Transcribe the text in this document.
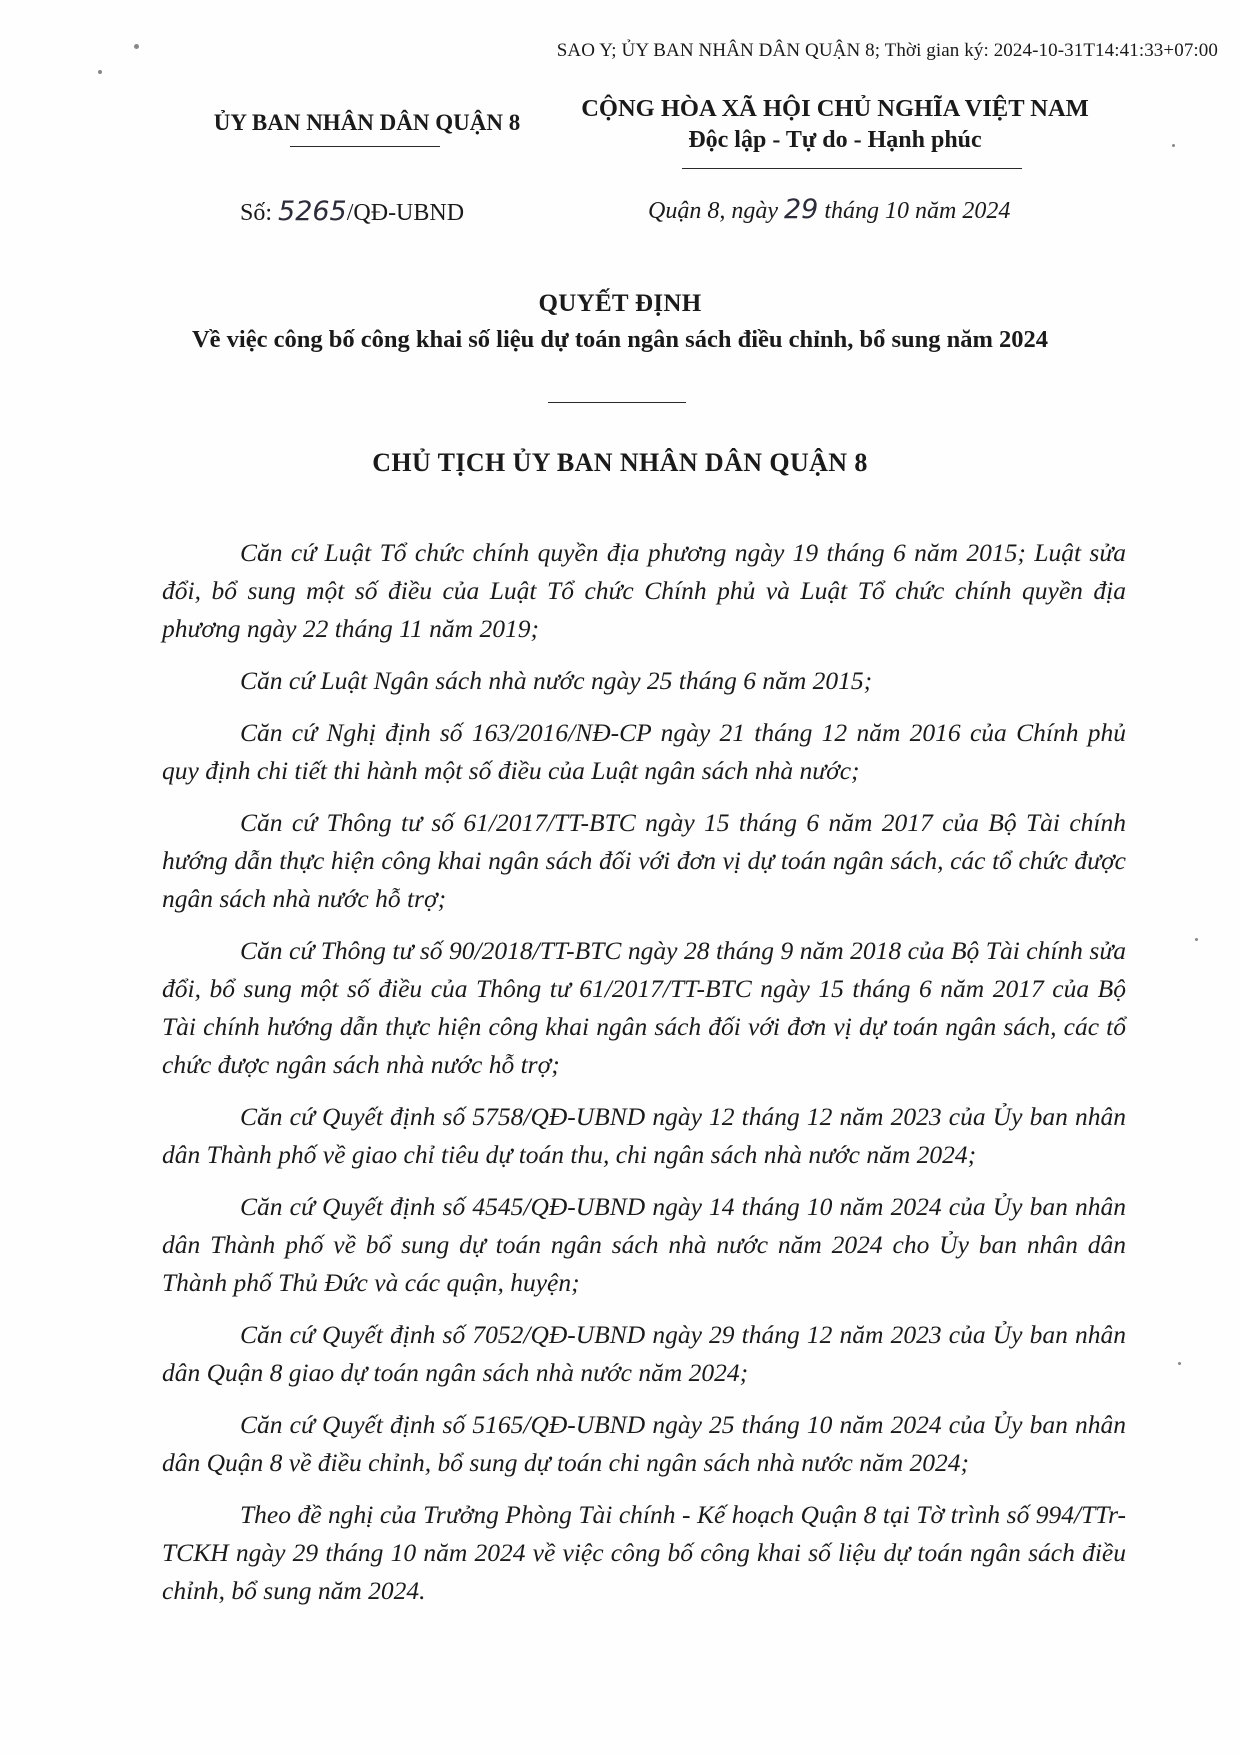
SAO Y; ỦY BAN NHÂN DÂN QUẬN 8; Thời gian ký: 2024-10-31T14:41:33+07:00
ỦY BAN NHÂN DÂN QUẬN 8
CỘNG HÒA XÃ HỘI CHỦ NGHĨA VIỆT NAM
Độc lập - Tự do - Hạnh phúc
Số: 5265/QĐ-UBND	Quận 8, ngày 29 tháng 10 năm 2024
QUYẾT ĐỊNH
Về việc công bố công khai số liệu dự toán ngân sách điều chỉnh, bổ sung năm 2024
CHỦ TỊCH ỦY BAN NHÂN DÂN QUẬN 8

Căn cứ Luật Tổ chức chính quyền địa phương ngày 19 tháng 6 năm 2015; Luật sửa đổi, bổ sung một số điều của Luật Tổ chức Chính phủ và Luật Tổ chức chính quyền địa phương ngày 22 tháng 11 năm 2019;

Căn cứ Luật Ngân sách nhà nước ngày 25 tháng 6 năm 2015;

Căn cứ Nghị định số 163/2016/NĐ-CP ngày 21 tháng 12 năm 2016 của Chính phủ quy định chi tiết thi hành một số điều của Luật ngân sách nhà nước;

Căn cứ Thông tư số 61/2017/TT-BTC ngày 15 tháng 6 năm 2017 của Bộ Tài chính hướng dẫn thực hiện công khai ngân sách đối với đơn vị dự toán ngân sách, các tổ chức được ngân sách nhà nước hỗ trợ;

Căn cứ Thông tư số 90/2018/TT-BTC ngày 28 tháng 9 năm 2018 của Bộ Tài chính sửa đổi, bổ sung một số điều của Thông tư 61/2017/TT-BTC ngày 15 tháng 6 năm 2017 của Bộ Tài chính hướng dẫn thực hiện công khai ngân sách đối với đơn vị dự toán ngân sách, các tổ chức được ngân sách nhà nước hỗ trợ;

Căn cứ Quyết định số 5758/QĐ-UBND ngày 12 tháng 12 năm 2023 của Ủy ban nhân dân Thành phố về giao chỉ tiêu dự toán thu, chi ngân sách nhà nước năm 2024;

Căn cứ Quyết định số 4545/QĐ-UBND ngày 14 tháng 10 năm 2024 của Ủy ban nhân dân Thành phố về bổ sung dự toán ngân sách nhà nước năm 2024 cho Ủy ban nhân dân Thành phố Thủ Đức và các quận, huyện;

Căn cứ Quyết định số 7052/QĐ-UBND ngày 29 tháng 12 năm 2023 của Ủy ban nhân dân Quận 8 giao dự toán ngân sách nhà nước năm 2024;

Căn cứ Quyết định số 5165/QĐ-UBND ngày 25 tháng 10 năm 2024 của Ủy ban nhân dân Quận 8 về điều chỉnh, bổ sung dự toán chi ngân sách nhà nước năm 2024;

Theo đề nghị của Trưởng Phòng Tài chính - Kế hoạch Quận 8 tại Tờ trình số 994/TTr-TCKH ngày 29 tháng 10 năm 2024 về việc công bố công khai số liệu dự toán ngân sách điều chỉnh, bổ sung năm 2024.
